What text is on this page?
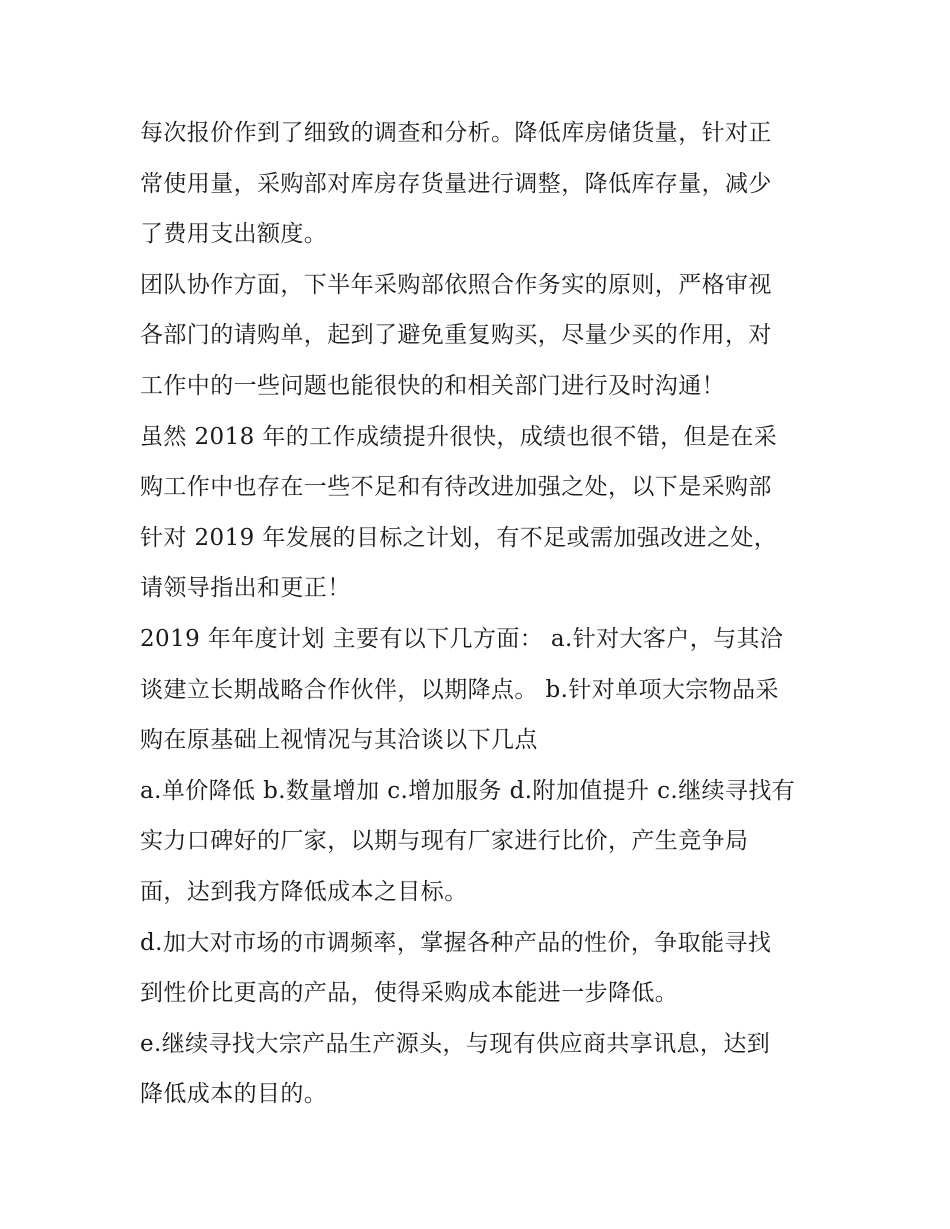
每次报价作到了细致的调查和分析。降低库房储货量，针对正
常使用量，采购部对库房存货量进行调整，降低库存量，减少
了费用支出额度。
团队协作方面，下半年采购部依照合作务实的原则，严格审视
各部门的请购单，起到了避免重复购买，尽量少买的作用，对
工作中的一些问题也能很快的和相关部门进行及时沟通！
虽然 2018 年的工作成绩提升很快，成绩也很不错，但是在采
购工作中也存在一些不足和有待改进加强之处，以下是采购部
针对 2019 年发展的目标之计划，有不足或需加强改进之处，
请领导指出和更正！
2019 年年度计划 主要有以下几方面： a.针对大客户，与其洽
谈建立长期战略合作伙伴，以期降点。 b.针对单项大宗物品采
购在原基础上视情况与其洽谈以下几点
a.单价降低 b.数量增加 c.增加服务 d.附加值提升 c.继续寻找有
实力口碑好的厂家，以期与现有厂家进行比价，产生竞争局
面，达到我方降低成本之目标。
d.加大对市场的市调频率，掌握各种产品的性价，争取能寻找
到性价比更高的产品，使得采购成本能进一步降低。
e.继续寻找大宗产品生产源头，与现有供应商共享讯息，达到
降低成本的目的。
